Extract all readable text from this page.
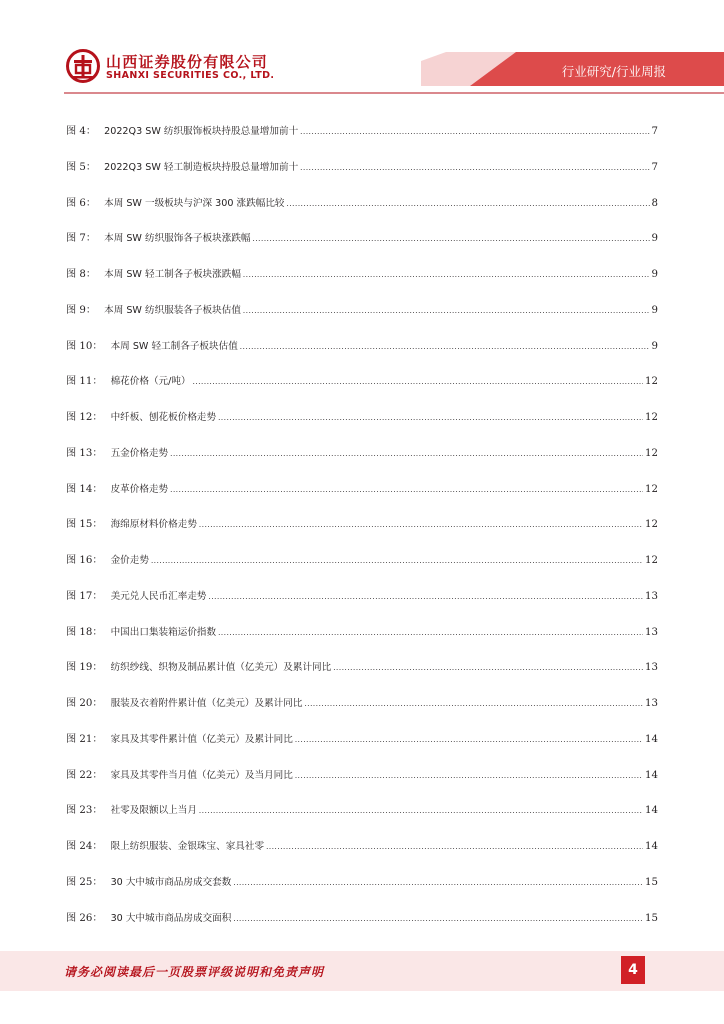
山西证券股份有限公司
SHANXI SECURITIES CO., LTD.	行业研究/行业周报
图 4： 2022Q3 SW 纺织服饰板块持股总量增加前十 .....	7
图 5： 2022Q3 SW 轻工制造板块持股总量增加前十 .....	7
图 6： 本周 SW 一级板块与沪深 300 涨跌幅比较 .....	8
图 7： 本周 SW 纺织服饰各子板块涨跌幅 .....	9
图 8： 本周 SW 轻工制各子板块涨跌幅 .....	9
图 9： 本周 SW 纺织服装各子板块估值 .....	9
图 10： 本周 SW 轻工制各子板块估值 .....	9
图 11： 棉花价格（元/吨） .....	12
图 12： 中纤板、刨花板价格走势 .....	12
图 13： 五金价格走势 .....	12
图 14： 皮革价格走势 .....	12
图 15： 海绵原材料价格走势 .....	12
图 16： 金价走势 .....	12
图 17： 美元兑人民币汇率走势 .....	13
图 18： 中国出口集装箱运价指数 .....	13
图 19： 纺织纱线、织物及制品累计值（亿美元）及累计同比 .....	13
图 20： 服装及衣着附件累计值（亿美元）及累计同比 .....	13
图 21： 家具及其零件累计值（亿美元）及累计同比 .....	14
图 22： 家具及其零件当月值（亿美元）及当月同比 .....	14
图 23： 社零及限额以上当月 .....	14
图 24： 限上纺织服装、金银珠宝、家具社零 .....	14
图 25： 30 大中城市商品房成交套数 .....	15
图 26： 30 大中城市商品房成交面积 .....	15
请务必阅读最后一页股票评级说明和免责声明	4
